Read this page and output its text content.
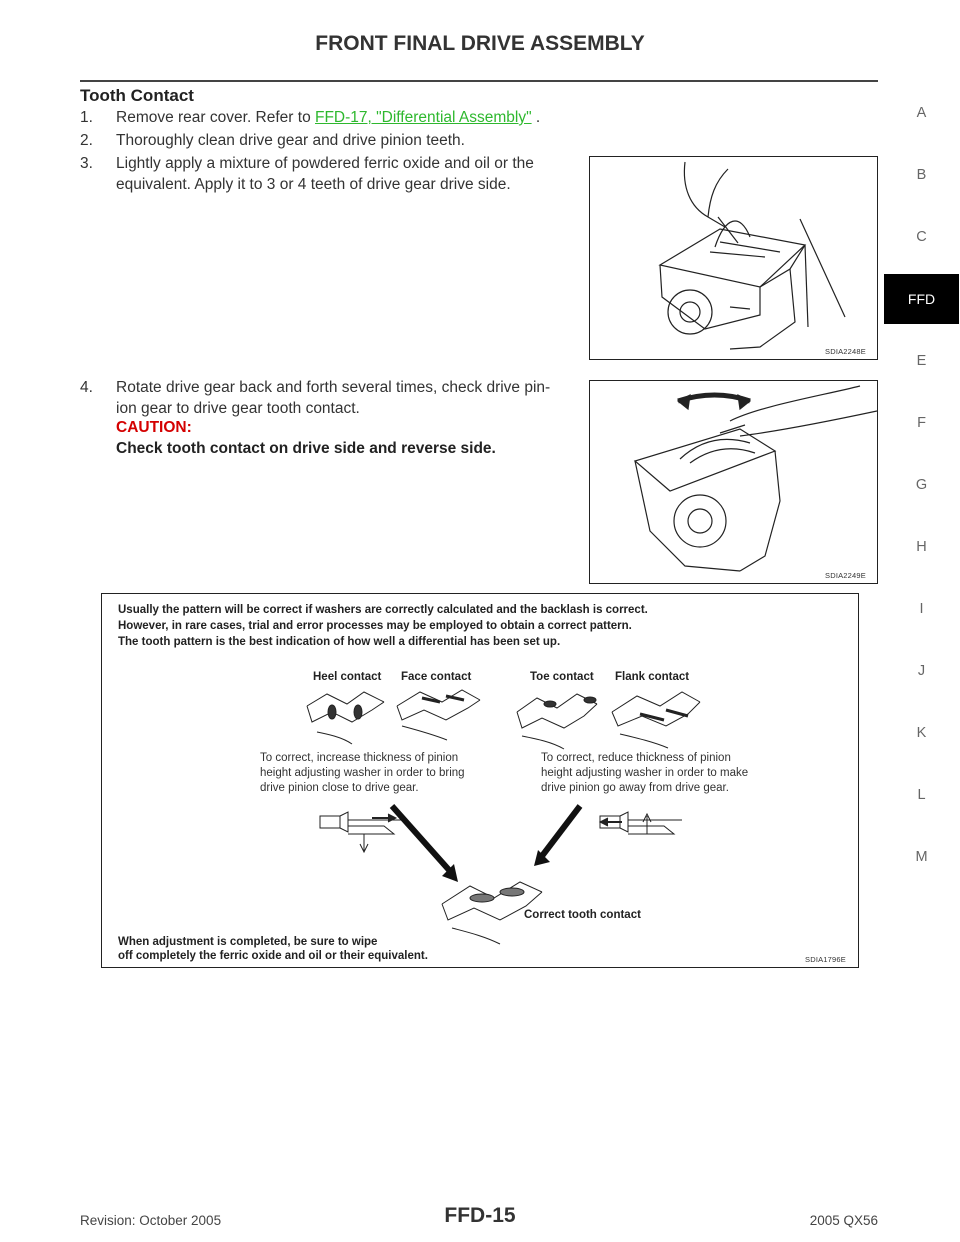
FRONT FINAL DRIVE ASSEMBLY
Tooth Contact
1. Remove rear cover. Refer to FFD-17, "Differential Assembly" .
2. Thoroughly clean drive gear and drive pinion teeth.
3. Lightly apply a mixture of powdered ferric oxide and oil or the
equivalent. Apply it to 3 or 4 teeth of drive gear drive side.
4. Rotate drive gear back and forth several times, check drive pin-
ion gear to drive gear tooth contact.
CAUTION:
Check tooth contact on drive side and reverse side.
SDIA2248E
SDIA2249E
Usually the pattern will be correct if washers are correctly calculated and the backlash is correct.
However, in rare cases, trial and error processes may be employed to obtain a correct pattern.
The tooth pattern is the best indication of how well a differential has been set up.
Heel contact Face contact	Toe contact Flank contact
To correct, increase thickness of pinion
height adjusting washer in order to bring
drive pinion close to drive gear.
To correct, reduce thickness of pinion
height adjusting washer in order to make
drive pinion go away from drive gear.
Correct tooth contact
When adjustment is completed, be sure to wipe
off completely the ferric oxide and oil or their equivalent.	SDIA1796E
A
B
C
FFD
E
F
G
H
I
J
K
L
M
Revision: October 2005	FFD-15	2005 QX56
